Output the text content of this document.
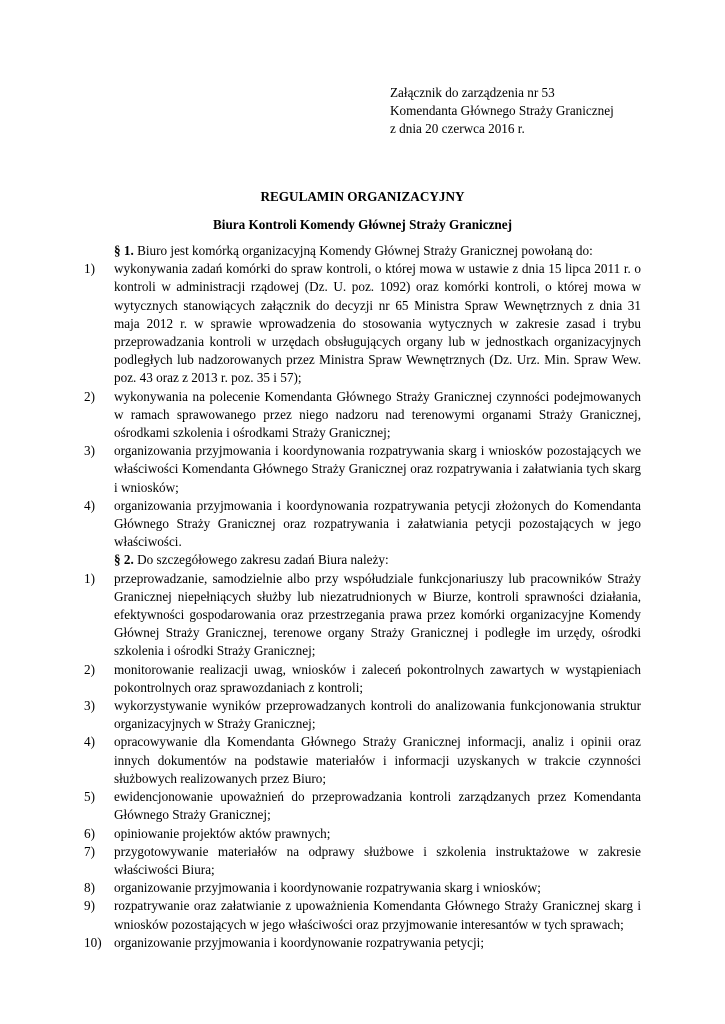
Załącznik do zarządzenia nr 53
Komendanta Głównego Straży Granicznej
z dnia 20 czerwca 2016 r.
REGULAMIN ORGANIZACYJNY
Biura Kontroli Komendy Głównej Straży Granicznej

§ 1. Biuro jest komórką organizacyjną Komendy Głównej Straży Granicznej powołaną do:

1) wykonywania zadań komórki do spraw kontroli, o której mowa w ustawie z dnia 15 lipca 2011 r. o kontroli w administracji rządowej (Dz. U. poz. 1092) oraz komórki kontroli, o której mowa w wytycznych stanowiących załącznik do decyzji nr 65 Ministra Spraw Wewnętrznych z dnia 31 maja 2012 r. w sprawie wprowadzenia do stosowania wytycznych w zakresie zasad i trybu przeprowadzania kontroli w urzędach obsługujących organy lub w jednostkach organizacyjnych podległych lub nadzorowanych przez Ministra Spraw Wewnętrznych (Dz. Urz. Min. Spraw Wew. poz. 43 oraz z 2013 r. poz. 35 i 57);
2) wykonywania na polecenie Komendanta Głównego Straży Granicznej czynności podejmowanych w ramach sprawowanego przez niego nadzoru nad terenowymi organami Straży Granicznej, ośrodkami szkolenia i ośrodkami Straży Granicznej;
3) organizowania przyjmowania i koordynowania rozpatrywania skarg i wniosków pozostających we właściwości Komendanta Głównego Straży Granicznej oraz rozpatrywania i załatwiania tych skarg i wniosków;
4) organizowania przyjmowania i koordynowania rozpatrywania petycji złożonych do Komendanta Głównego Straży Granicznej oraz rozpatrywania i załatwiania petycji pozostających w jego właściwości.

§ 2. Do szczegółowego zakresu zadań Biura należy:

1) przeprowadzanie, samodzielnie albo przy współudziale funkcjonariuszy lub pracowników Straży Granicznej niepełniących służby lub niezatrudnionych w Biurze, kontroli sprawności działania, efektywności gospodarowania oraz przestrzegania prawa przez komórki organizacyjne Komendy Głównej Straży Granicznej, terenowe organy Straży Granicznej i podległe im urzędy, ośrodki szkolenia i ośrodki Straży Granicznej;
2) monitorowanie realizacji uwag, wniosków i zaleceń pokontrolnych zawartych w wystąpieniach pokontrolnych oraz sprawozdaniach z kontroli;
3) wykorzystywanie wyników przeprowadzanych kontroli do analizowania funkcjonowania struktur organizacyjnych w Straży Granicznej;
4) opracowywanie dla Komendanta Głównego Straży Granicznej informacji, analiz i opinii oraz innych dokumentów na podstawie materiałów i informacji uzyskanych w trakcie czynności służbowych realizowanych przez Biuro;
5) ewidencjonowanie upoważnień do przeprowadzania kontroli zarządzanych przez Komendanta Głównego Straży Granicznej;
6) opiniowanie projektów aktów prawnych;
7) przygotowywanie materiałów na odprawy służbowe i szkolenia instruktażowe w zakresie właściwości Biura;
8) organizowanie przyjmowania i koordynowanie rozpatrywania skarg i wniosków;
9) rozpatrywanie oraz załatwianie z upoważnienia Komendanta Głównego Straży Granicznej skarg i wniosków pozostających w jego właściwości oraz przyjmowanie interesantów w tych sprawach;
10) organizowanie przyjmowania i koordynowanie rozpatrywania petycji;
